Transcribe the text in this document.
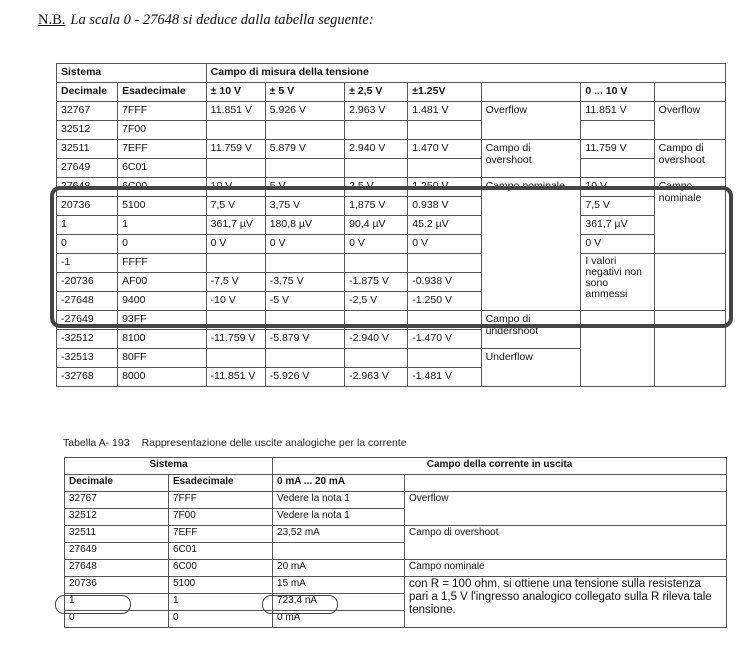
N.B. La scala 0 - 27648 si deduce dalla tabella seguente:
Sistema		Campo di misura della tensione						
Decimale	Esadecimale	± 10 V	± 5 V	± 2,5 V	±1.25V		0 ... 10 V	
32767	7FFF	11.851 V	5.926 V	2.963 V	1.481 V	Overflow	11.851 V	Overflow
32512	7F00							
32511	7EFF	11.759 V	5.879 V	2.940 V	1.470 V	Campo di overshoot	11.759 V	Campo di overshoot
27649	6C01							
27648	6C00	10 V	5 V	2.5 V	1.250 V	Campo nominale	10 V	Campo nominale
20736	5100	7,5 V	3,75 V	1,875 V	0.938 V		7,5 V	
1	1	361,7 µV	180,8 µV	90,4 µV	45.2 µV		361,7 µV	
0	0	0 V	0 V	0 V	0 V		0 V	
-1	FFFF						I valori negativi non sono ammessi	
-20736	AF00	-7,5 V	-3,75 V	-1.875 V	-0.938 V			
-27648	9400	-10 V	-5 V	-2,5 V	-1.250 V			
-27649	93FF					Campo di undershoot		
-32512	8100	-11.759 V	-5.879 V	-2.940 V	-1.470 V			
-32513	80FF					Underflow		
-32768	8000	-11.851 V	-5.926 V	-2.963 V	-1.481 V			
Tabella A- 193 Rappresentazione delle uscite analogiche per la corrente
Sistema		Campo della corrente in uscita	
Decimale	Esadecimale	0 mA ... 20 mA	
32767	7FFF	Vedere la nota 1	Overflow
32512	7F00	Vedere la nota 1	
32511	7EFF	23,52 mA	Campo di overshoot
27649	6C01		
27648	6C00	20 mA	Campo nominale
20736	5100	15 mA	con R = 100 ohm, si ottiene una tensione sulla resistenza pari a 1,5 V l'ingresso analogico collegato sulla R rileva tale tensione.
1	1	723,4 nA	
0	0	0 mA	
